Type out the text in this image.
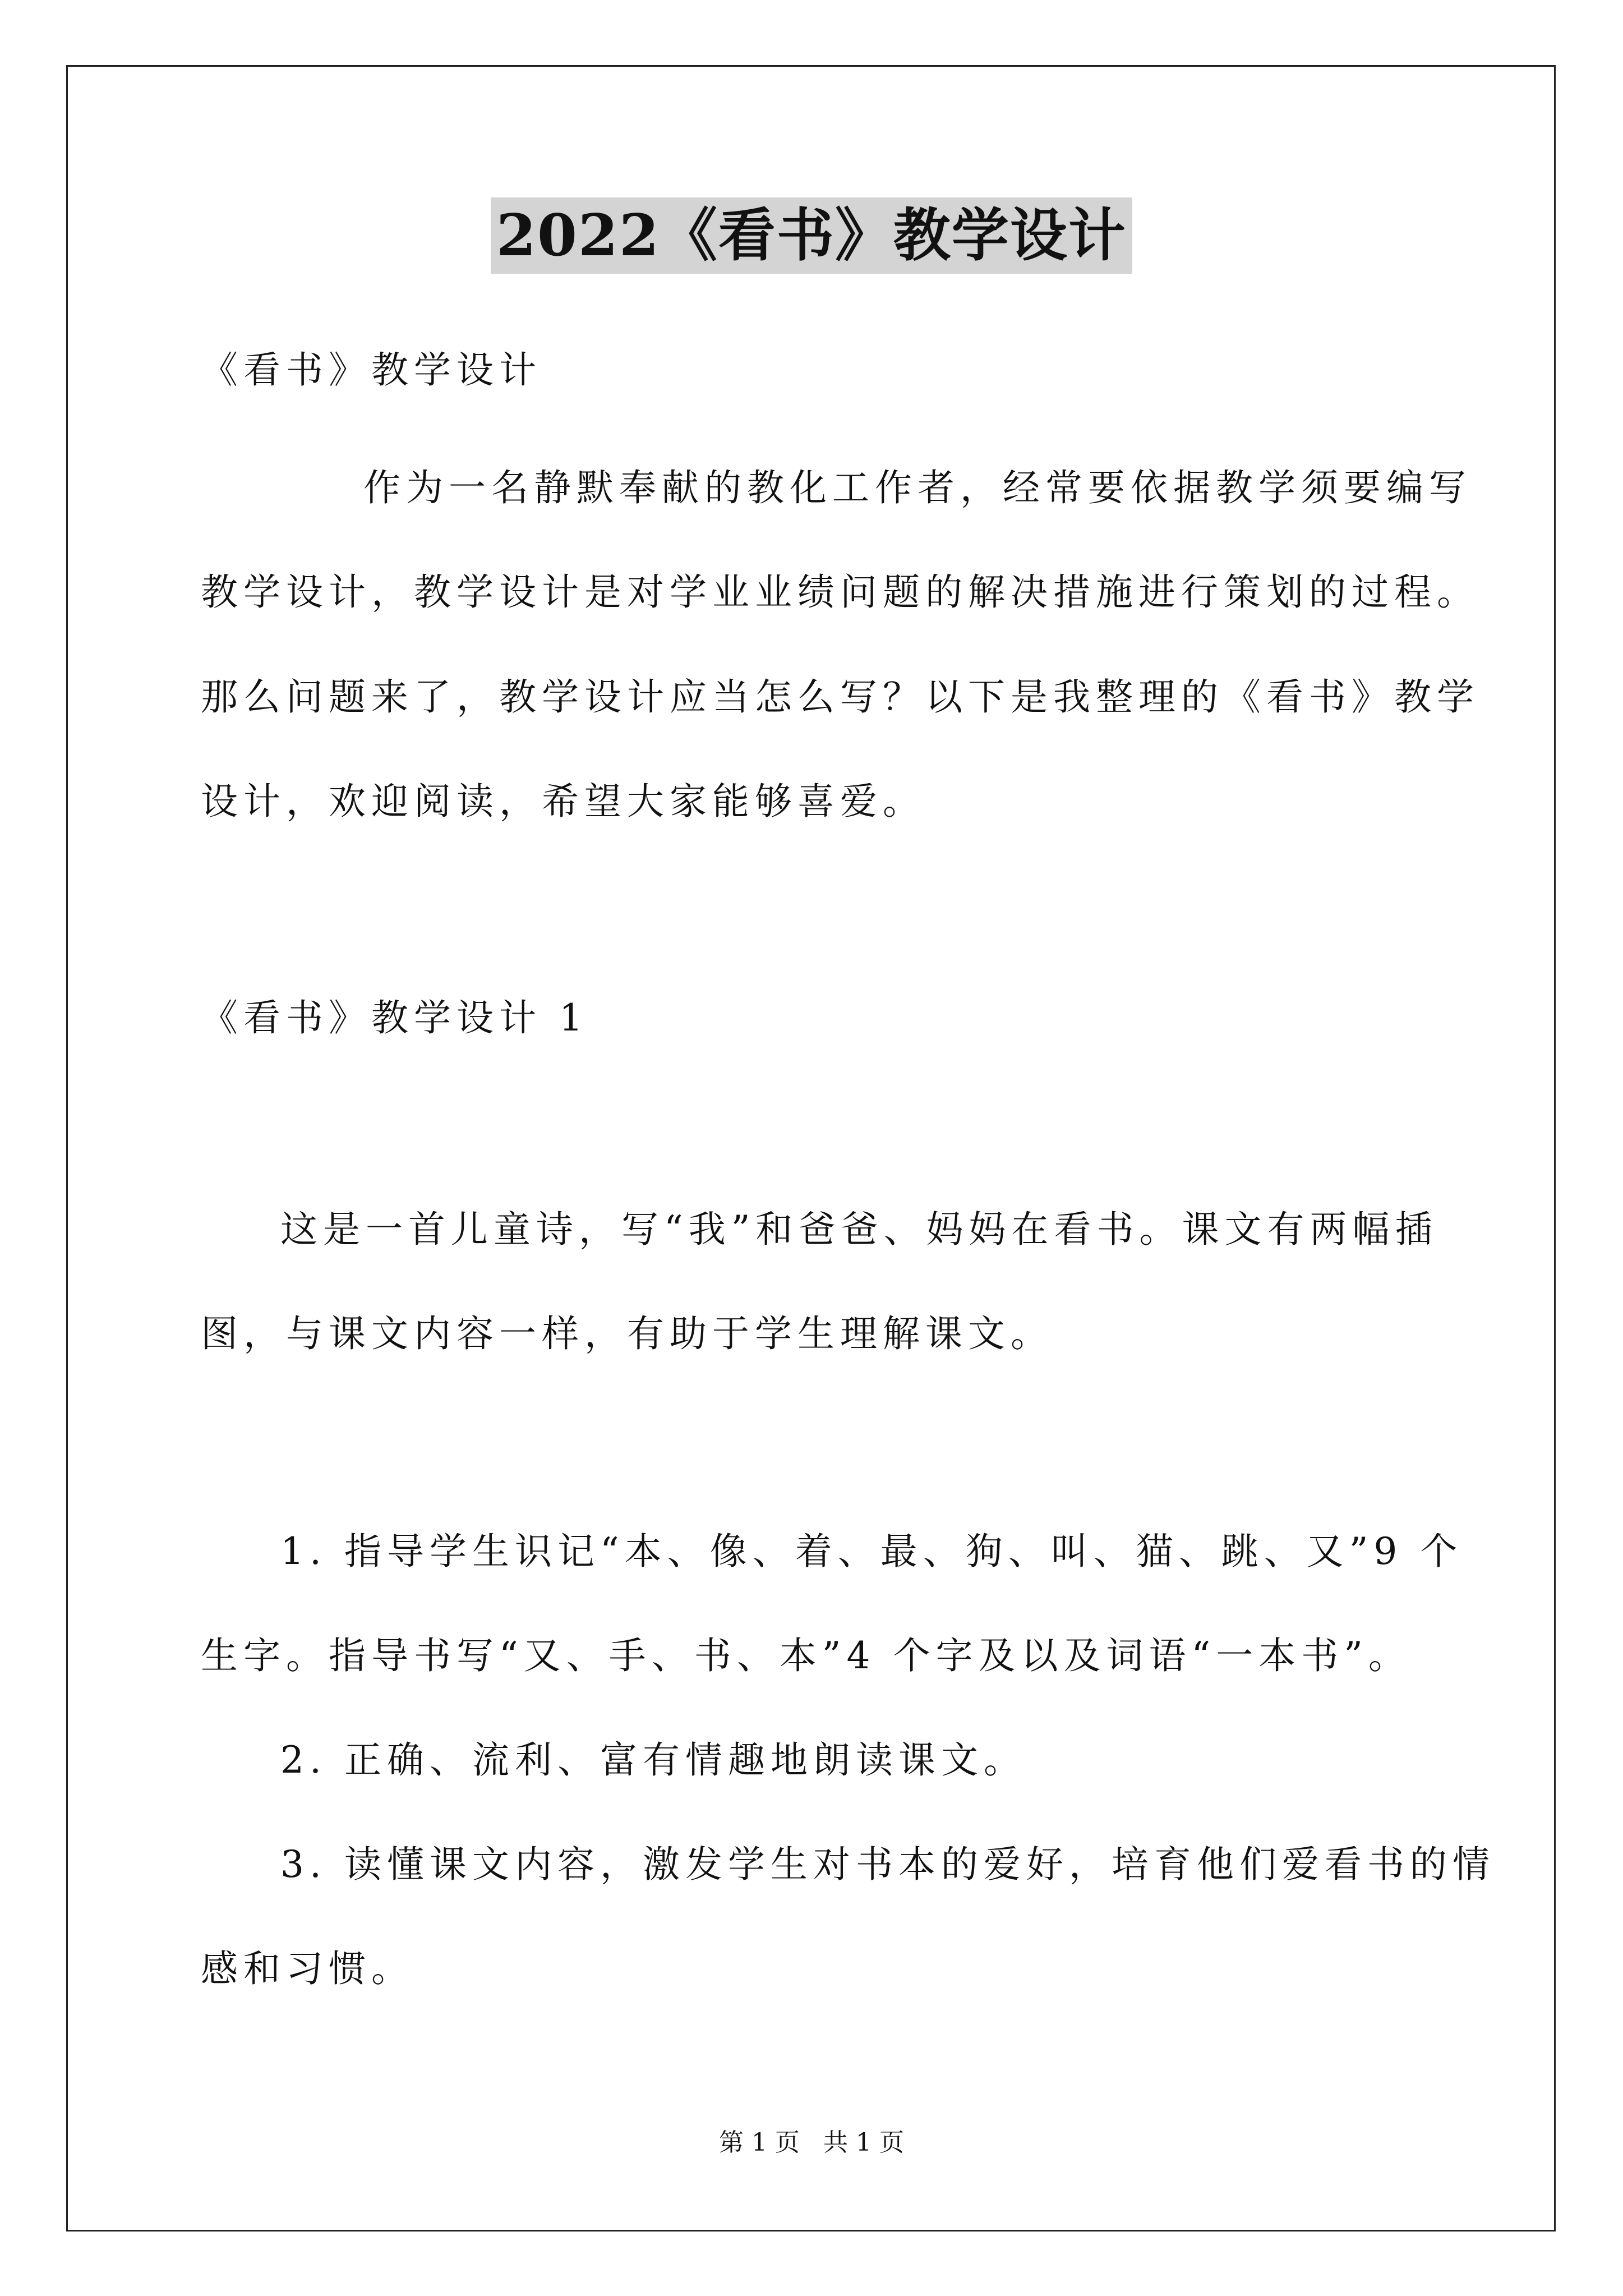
2022《看书》教学设计
《看书》教学设计
作为一名静默奉献的教化工作者，经常要依据教学须要编写
教学设计，教学设计是对学业业绩问题的解决措施进行策划的过程。
那么问题来了，教学设计应当怎么写？以下是我整理的《看书》教学
设计，欢迎阅读，希望大家能够喜爱。
《看书》教学设计 1
这是一首儿童诗，写“我”和爸爸、妈妈在看书。课文有两幅插
图，与课文内容一样，有助于学生理解课文。
1. 指导学生识记“本、像、着、最、狗、叫、猫、跳、又”9 个
生字。指导书写“又、手、书、本”4 个字及以及词语“一本书”。
2. 正确、流利、富有情趣地朗读课文。
3. 读懂课文内容，激发学生对书本的爱好，培育他们爱看书的情
感和习惯。
第 1 页 共 1 页
